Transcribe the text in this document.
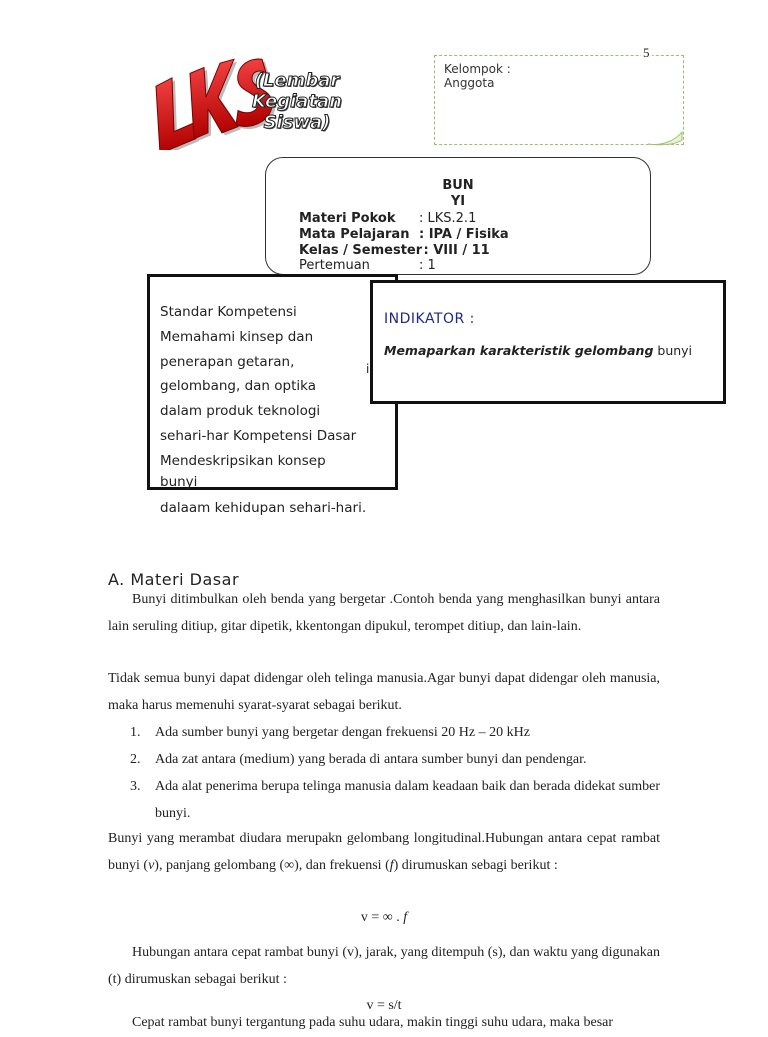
(Lembar
Kegiatan
Siswa)
Kelompok :
Anggota
5
BUN
YI
Materi Pokok : LKS.2.1
Mata Pelajaran : IPA / Fisika
Kelas / Semester : VIII / 11
Pertemuan	: 1
Standar Kompetensi
Memahami kinsep dan
penerapan getaran,
gelombang, dan optika
dalam produk teknologi
sehari-har Kompetensi Dasar
Mendeskripsikan konsep
bunyi
dalaam kehidupan sehari-hari.
i
INDIKATOR :
Memaparkan karakteristik gelombang bunyi
A. Materi Dasar
Bunyi ditimbulkan oleh benda yang bergetar .Contoh benda yang menghasilkan bunyi antara lain seruling ditiup, gitar dipetik, kkentongan dipukul, terompet ditiup, dan lain-lain.
Tidak semua bunyi dapat didengar oleh telinga manusia.Agar bunyi dapat didengar oleh manusia, maka harus memenuhi syarat-syarat sebagai berikut.
1. Ada sumber bunyi yang bergetar dengan frekuensi 20 Hz – 20 kHz
2. Ada zat antara (medium) yang berada di antara sumber bunyi dan pendengar.
3.	Ada alat penerima berupa telinga manusia dalam keadaan baik dan berada didekat sumber bunyi.
Bunyi yang merambat diudara merupakn gelombang longitudinal.Hubungan antara cepat rambat bunyi (v), panjang gelombang (∞), dan frekuensi (f) dirumuskan sebagi berikut :
v = ∞ . f
Hubungan antara cepat rambat bunyi (v), jarak, yang ditempuh (s), dan waktu yang digunakan (t) dirumuskan sebagai berikut :
v = s/t
Cepat rambat bunyi tergantung pada suhu udara, makin tinggi suhu udara, maka besar
